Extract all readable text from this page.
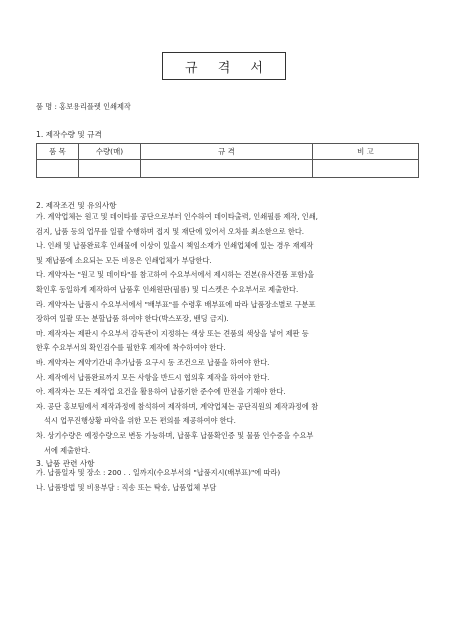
규 격 서
품 명 : 홍보용리플렛 인쇄제작
1. 제작수량 및 규격
품 목	수량(매)	규 격	비 고

2. 제작조건 및 유의사항
가. 계약업체는 원고 및 데이타를 공단으로부터 인수하여 데이타출력, 인쇄필름 제작, 인쇄,
검지, 납품 등의 업무를 일괄 수행하며 접지 및 재단에 있어서 오차를 최소한으로 한다.
나. 인쇄 및 납품완료후 인쇄물에 이상이 있을시 책임소재가 인쇄업체에 있는 경우 재제작
및 재납품에 소요되는 모든 비용은 인쇄업체가 부담한다.
다. 계약자는 "원고 및 데이타"를 참고하여 수요부서에서 제시하는 견본(유사견품 포함)을
확인후 동일하게 제작하여 납품후 인쇄원판(필름) 및 디스켓은 수요부서로 제출한다.
라. 계약자는 납품시 수요부서에서 "배부표"를 수령후 배부표에 따라 납품장소별로 구분포
장하여 일괄 또는 분할납품 하여야 한다(박스포장, 밴딩 금지).
마. 제작자는 제판시 수요부서 감독관이 지정하는 색상 또는 견품의 색상을 넣어 제판 등
한후 수요부서의 확인검수를 필한후 제작에 착수하여야 한다.
바. 계약자는 계약기간내 추가납품 요구시 동 조건으로 납품을 하여야 한다.
사. 제작에서 납품완료까지 모든 사항을 반드시 협의후 제작을 하여야 한다.
아. 제작자는 모든 제작업 요건을 활용하여 납품기한 준수에 만전을 기해야 한다.
자. 공단 홍보팀에서 제작과정에 참석하여 제작하며, 계약업체는 공단직원의 제작과정에 참
석시 업무진행상황 파악을 위한 모든 편의를 제공하여야 한다.
차. 상기수량은 예정수량으로 변동 가능하며, 납품후 납품확인증 및 물품 인수증을 수요부
서에 제출한다.
3. 납품 관련 사항
가. 납품일자 및 장소 : 200 . . 일까지(수요부서의 "납품지시(배부표)"에 따라)
나. 납품방법 및 비용부담 : 직송 또는 탁송, 납품업체 부담
